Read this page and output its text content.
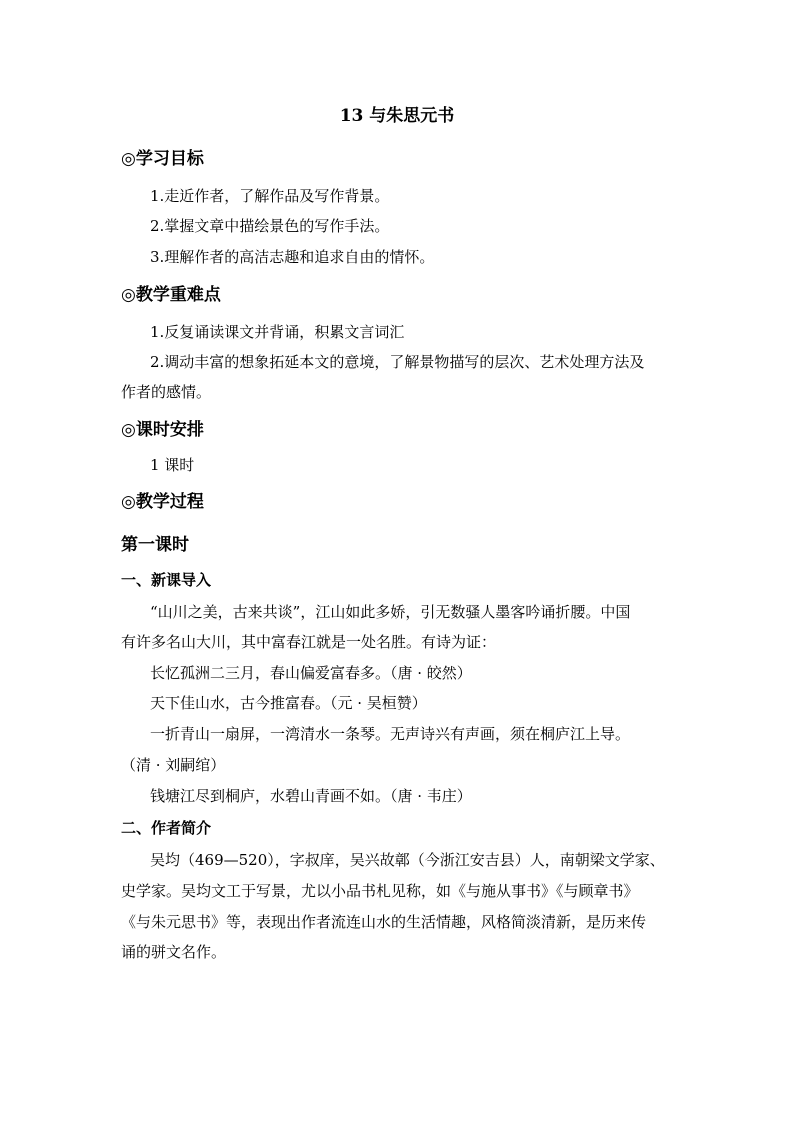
13 与朱思元书
◎学习目标
1.走近作者，了解作品及写作背景。
2.掌握文章中描绘景色的写作手法。
3.理解作者的高洁志趣和追求自由的情怀。
◎教学重难点
1.反复诵读课文并背诵，积累文言词汇
2.调动丰富的想象拓延本文的意境，了解景物描写的层次、艺术处理方法及
作者的感情。
◎课时安排
1 课时
◎教学过程
第一课时
一、新课导入
“山川之美，古来共谈”，江山如此多娇，引无数骚人墨客吟诵折腰。中国
有许多名山大川，其中富春江就是一处名胜。有诗为证：
长忆孤洲二三月，春山偏爱富春多。（唐 · 皎然）
天下佳山水，古今推富春。（元 · 吴桓赞）
一折青山一扇屏，一湾清水一条琴。无声诗兴有声画，须在桐庐江上导。
（清 · 刘嗣绾）
钱塘江尽到桐庐，水碧山青画不如。（唐 · 韦庄）
二、作者简介
吴均（469—520），字叔庠，吴兴故鄣（今浙江安吉县）人，南朝梁文学家、
史学家。吴均文工于写景，尤以小品书札见称，如《与施从事书》《与顾章书》
《与朱元思书》等，表现出作者流连山水的生活情趣，风格简淡清新，是历来传
诵的骈文名作。
